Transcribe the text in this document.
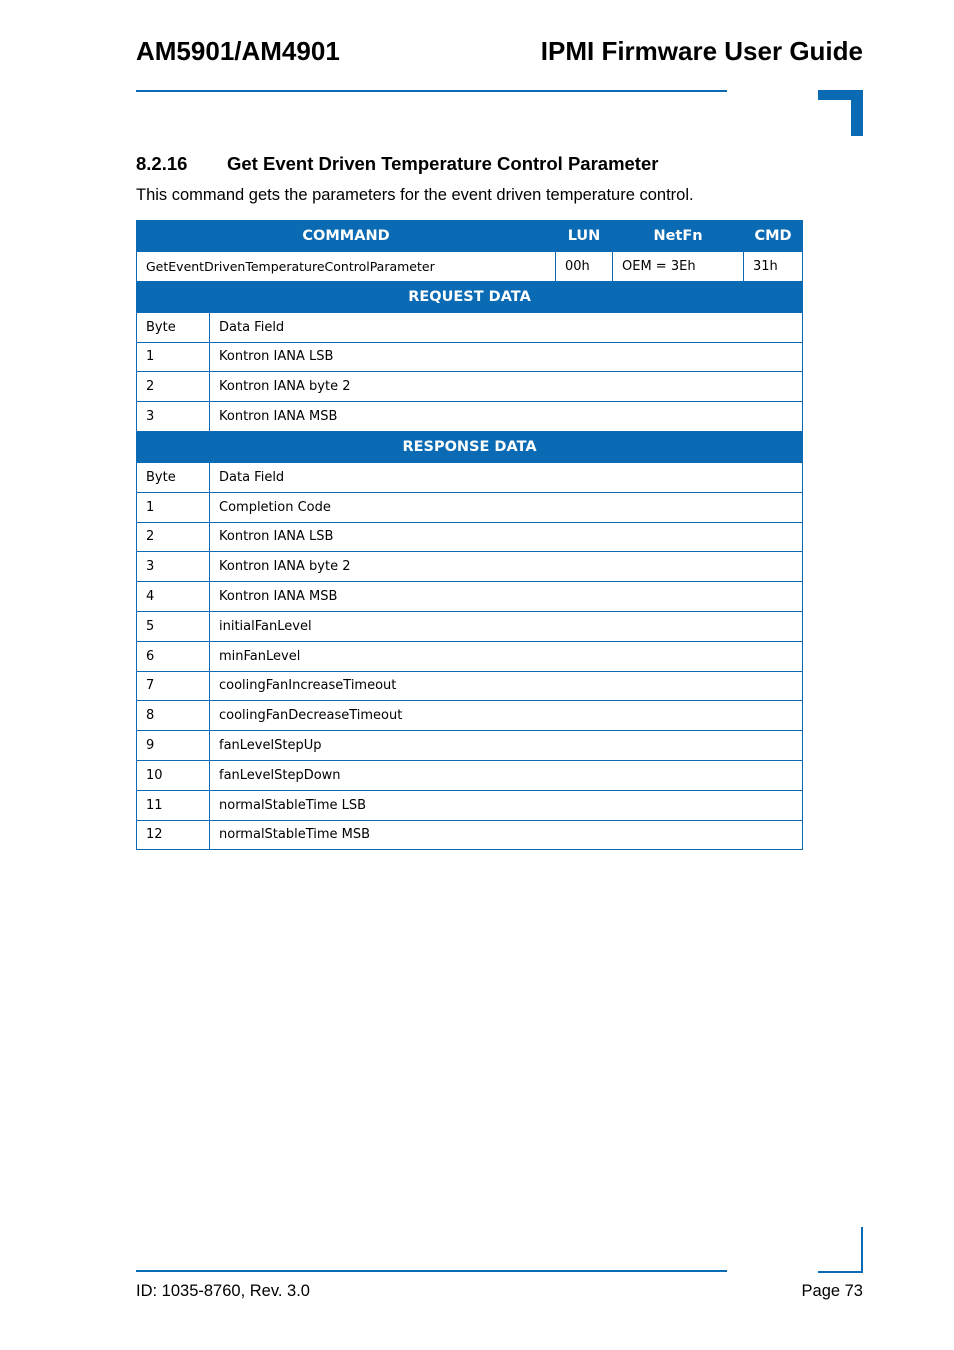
AM5901/AM4901	IPMI Firmware User Guide
8.2.16 Get Event Driven Temperature Control Parameter
This command gets the parameters for the event driven temperature control.
COMMAND		LUN	NetFn	CMD
GetEventDrivenTemperatureControlParameter		00h	OEM = 3Eh	31h
REQUEST DATA				
Byte	Data Field			
1	Kontron IANA LSB			
2	Kontron IANA byte 2			
3	Kontron IANA MSB			
RESPONSE DATA				
Byte	Data Field			
1	Completion Code			
2	Kontron IANA LSB			
3	Kontron IANA byte 2			
4	Kontron IANA MSB			
5	initialFanLevel			
6	minFanLevel			
7	coolingFanIncreaseTimeout			
8	coolingFanDecreaseTimeout			
9	fanLevelStepUp			
10	fanLevelStepDown			
11	normalStableTime LSB			
12	normalStableTime MSB			
ID: 1035-8760, Rev. 3.0	Page 73
